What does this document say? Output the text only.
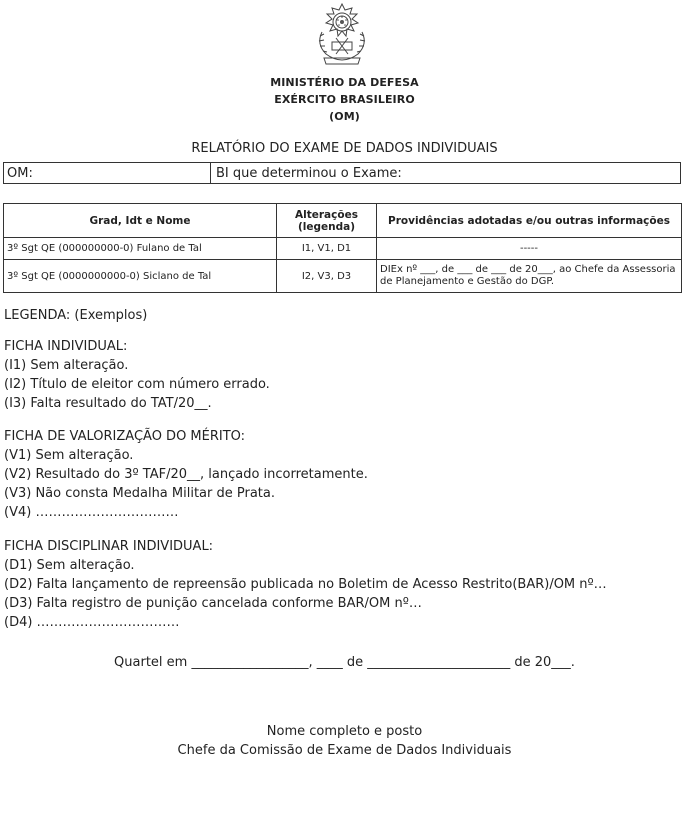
MINISTÉRIO DA DEFESA
EXÉRCITO BRASILEIRO
(OM)
RELATÓRIO DO EXAME DE DADOS INDIVIDUAIS
OM:	BI que determinou o Exame:
Grad, Idt e Nome	Alterações (legenda)	Providências adotadas e/ou outras informações
3º Sgt QE (000000000-0) Fulano de Tal	I1, V1, D1	-----
3º Sgt QE (0000000000-0) Siclano de Tal	I2, V3, D3	DIEx nº ___, de ___ de ___ de 20___, ao Chefe da Assessoria de Planejamento e Gestão do DGP.
LEGENDA: (Exemplos)
FICHA INDIVIDUAL:
(I1) Sem alteração.
(I2) Título de eleitor com número errado.
(I3) Falta resultado do TAT/20__.
FICHA DE VALORIZAÇÃO DO MÉRITO:
(V1) Sem alteração.
(V2) Resultado do 3º TAF/20__, lançado incorretamente.
(V3) Não consta Medalha Militar de Prata.
(V4) ……………………………
FICHA DISCIPLINAR INDIVIDUAL:
(D1) Sem alteração.
(D2) Falta lançamento de repreensão publicada no Boletim de Acesso Restrito(BAR)/OM nº…
(D3) Falta registro de punição cancelada conforme BAR/OM nº…
(D4) ……………………………
Quartel em __________________, ____ de ______________________ de 20___.
Nome completo e posto
Chefe da Comissão de Exame de Dados Individuais
